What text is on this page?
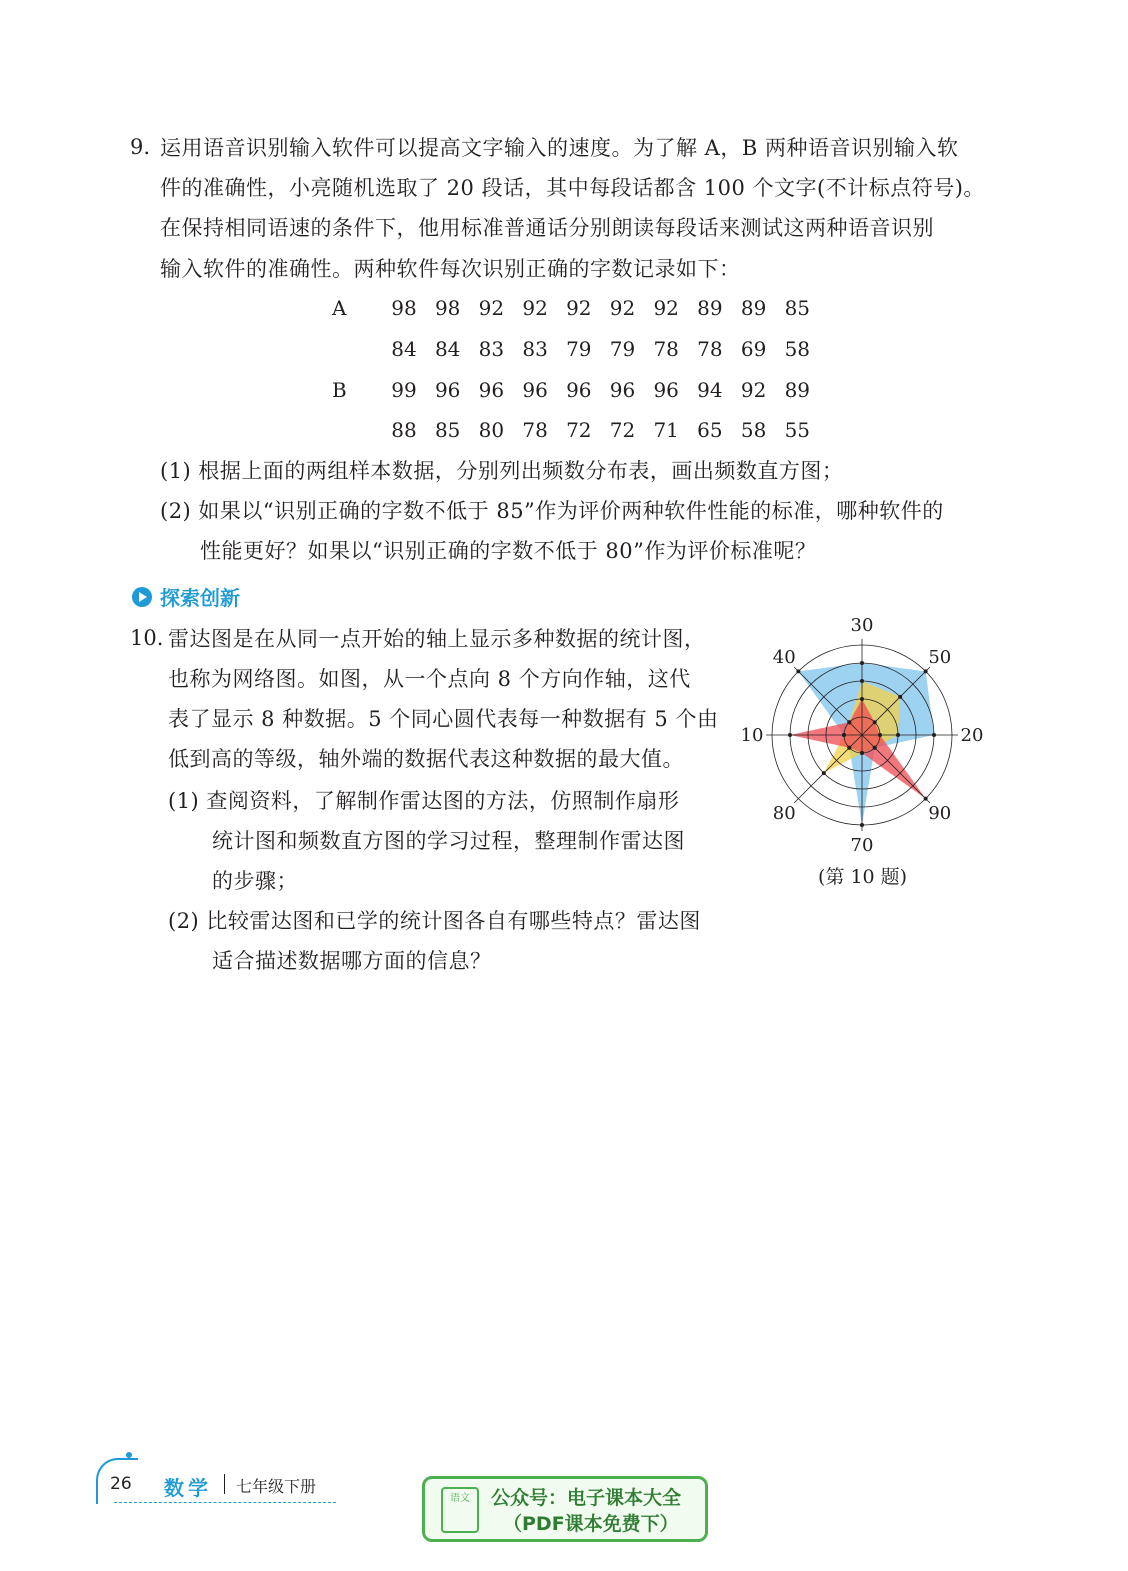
9. 运用语音识别输入软件可以提高文字输入的速度。为了解 A，B 两种语音识别输入软
件的准确性，小亮随机选取了 20 段话，其中每段话都含 100 个文字(不计标点符号)。
在保持相同语速的条件下，他用标准普通话分别朗读每段话来测试这两种语音识别
输入软件的准确性。两种软件每次识别正确的字数记录如下：
A	98 98 92 92 92 92 92 89 89 85
84 84 83 83 79 79 78 78 69 58
B	99 96 96 96 96 96 96 94 92 89
88 85 80 78 72 72 71 65 58 55
(1) 根据上面的两组样本数据，分别列出频数分布表，画出频数直方图；
(2) 如果以“识别正确的字数不低于 85”作为评价两种软件性能的标准，哪种软件的
性能更好？如果以“识别正确的字数不低于 80”作为评价标准呢？
探索创新
10. 雷达图是在从同一点开始的轴上显示多种数据的统计图，
也称为网络图。如图，从一个点向 8 个方向作轴，这代
表了显示 8 种数据。5 个同心圆代表每一种数据有 5 个由
低到高的等级，轴外端的数据代表这种数据的最大值。
(1) 查阅资料，了解制作雷达图的方法，仿照制作扇形
统计图和频数直方图的学习过程，整理制作雷达图
的步骤；
(2) 比较雷达图和已学的统计图各自有哪些特点？雷达图
适合描述数据哪方面的信息？
30
50
20
90
70
80
10
40
(第 10 题)
26 数学 七年级下册
语文	公众号：电子课本大全
（PDF课本免费下）
